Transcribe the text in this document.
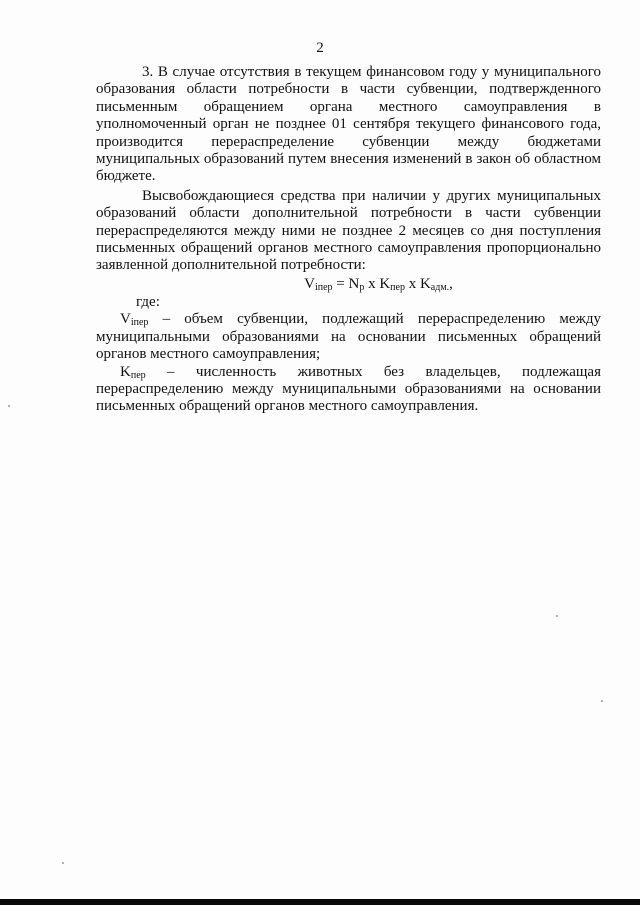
2

3. В случае отсутствия в текущем финансовом году у муниципального образования области потребности в части субвенции, подтвержденного письменным обращением органа местного самоуправления в уполномоченный орган не позднее 01 сентября текущего финансового года, производится перераспределение субвенции между бюджетами муниципальных образований путем внесения изменений в закон об областном бюджете.

Высвобождающиеся средства при наличии у других муниципальных образований области дополнительной потребности в части субвенции перераспределяются между ними не позднее 2 месяцев со дня поступления письменных обращений органов местного самоуправления пропорционально заявленной дополнительной потребности:

$V_{iпер} = N_р$ х $K_{пер}$ х $K_{адм.}$,

где:

$V_{iпер}$ – объем субвенции, подлежащий перераспределению между муниципальными образованиями на основании письменных обращений органов местного самоуправления;

$K_{пер}$ – численность животных без владельцев, подлежащая перераспределению между муниципальными образованиями на основании письменных обращений органов местного самоуправления.
